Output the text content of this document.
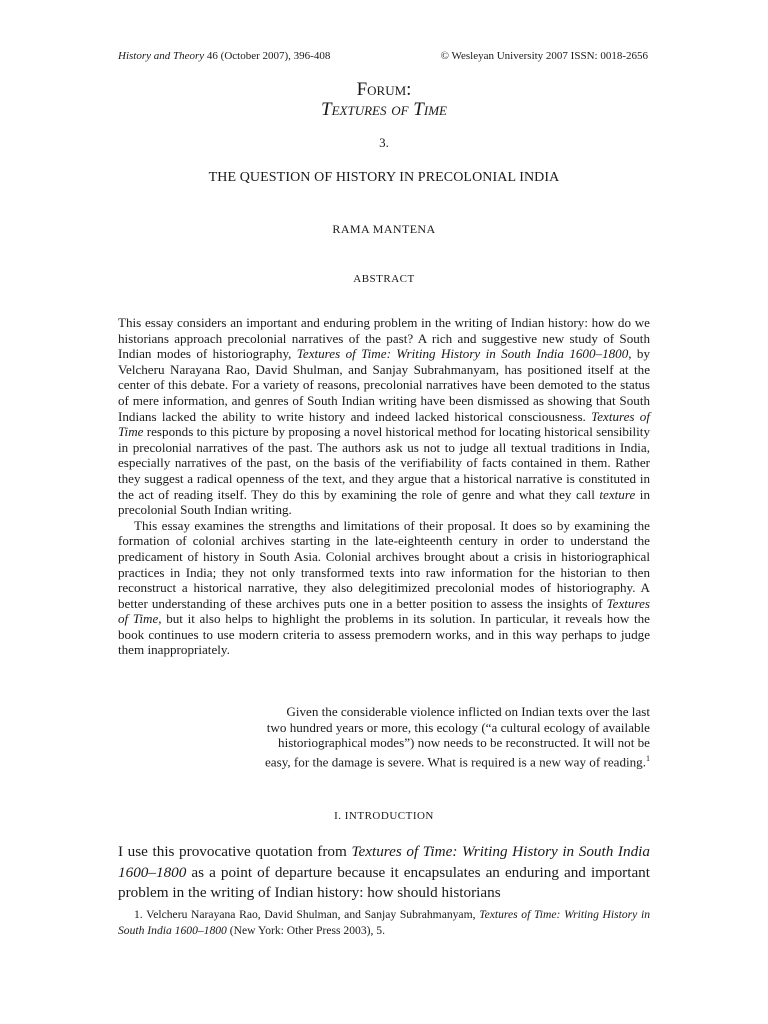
History and Theory 46 (October 2007), 396-408	© Wesleyan University 2007 ISSN: 0018-2656
Forum:
Textures of Time
3.
THE QUESTION OF HISTORY IN PRECOLONIAL INDIA
RAMA MANTENA
ABSTRACT

This essay considers an important and enduring problem in the writing of Indian history: how do we historians approach precolonial narratives of the past? A rich and suggestive new study of South Indian modes of historiography, Textures of Time: Writing History in South India 1600–1800, by Velcheru Narayana Rao, David Shulman, and Sanjay Subrahmanyam, has positioned itself at the center of this debate. For a variety of reasons, precolonial narratives have been demoted to the status of mere information, and genres of South Indian writing have been dismissed as showing that South Indians lacked the ability to write history and indeed lacked historical consciousness. Textures of Time responds to this picture by proposing a novel historical method for locating historical sensibility in precolonial narratives of the past. The authors ask us not to judge all textual traditions in India, especially narratives of the past, on the basis of the verifiability of facts contained in them. Rather they suggest a radical openness of the text, and they argue that a historical narrative is constituted in the act of reading itself. They do this by examining the role of genre and what they call texture in precolonial South Indian writing.

This essay examines the strengths and limitations of their proposal. It does so by examining the formation of colonial archives starting in the late-eighteenth century in order to understand the predicament of history in South Asia. Colonial archives brought about a crisis in historiographical practices in India; they not only transformed texts into raw information for the historian to then reconstruct a historical narrative, they also delegitimized precolonial modes of historiography. A better understanding of these archives puts one in a better position to assess the insights of Textures of Time, but it also helps to highlight the problems in its solution. In particular, it reveals how the book continues to use modern criteria to assess premodern works, and in this way perhaps to judge them inappropriately.

Given the considerable violence inflicted on Indian texts over the last
two hundred years or more, this ecology (“a cultural ecology of available
historiographical modes”) now needs to be reconstructed. It will not be
easy, for the damage is severe. What is required is a new way of reading.$^1$
I. INTRODUCTION

I use this provocative quotation from Textures of Time: Writing History in South India 1600–1800 as a point of departure because it encapsulates an enduring and important problem in the writing of Indian history: how should historians

1. Velcheru Narayana Rao, David Shulman, and Sanjay Subrahmanyam, Textures of Time: Writing History in South India 1600–1800 (New York: Other Press 2003), 5.
